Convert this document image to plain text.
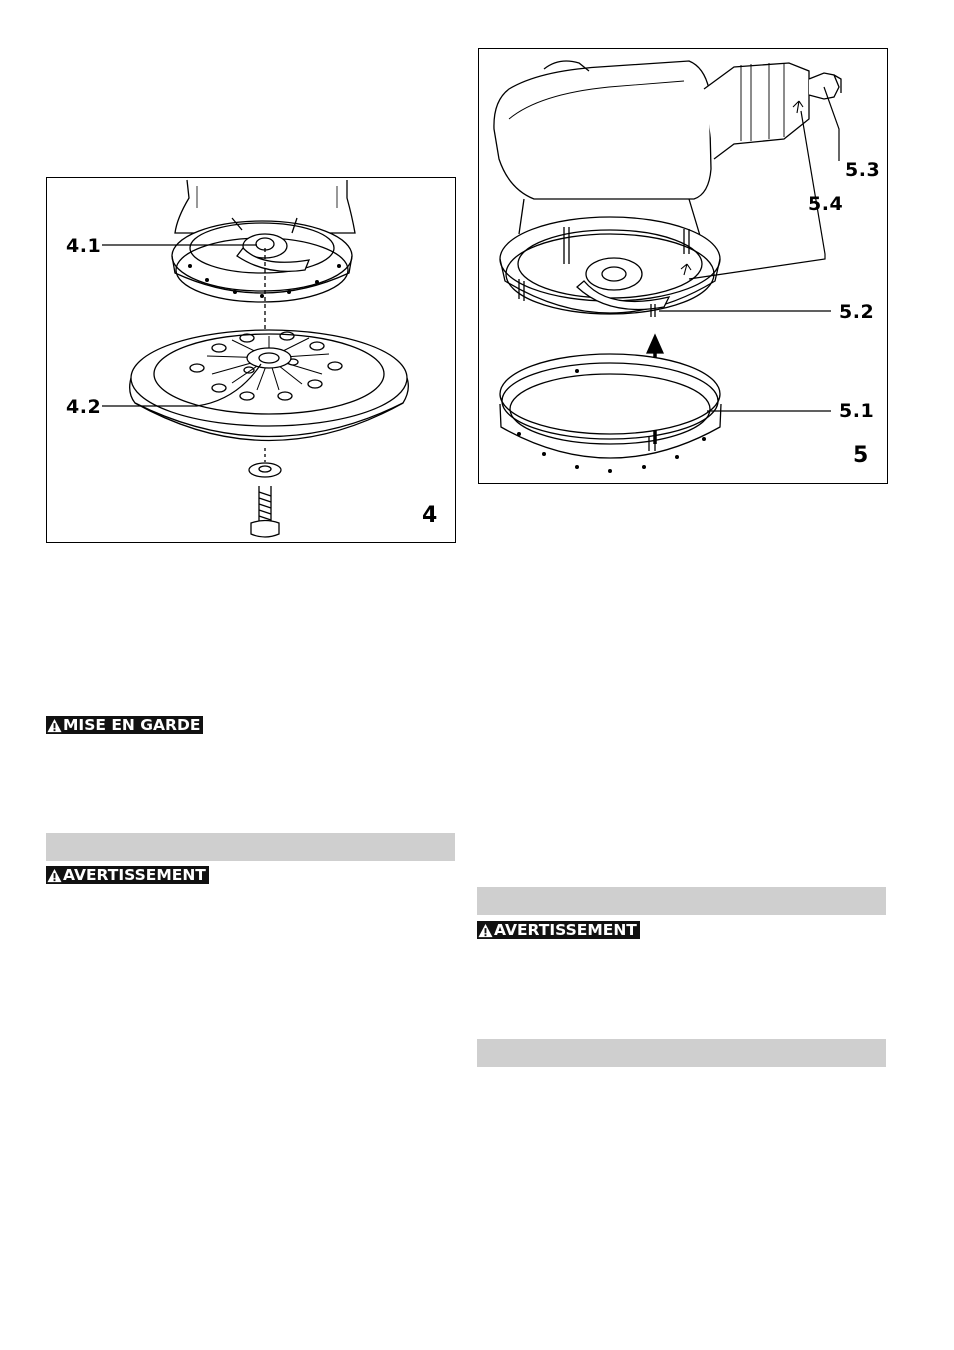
4.1
4.2
4
5.3
5.4
5.2
5.1
5
MISE EN GARDE
AVERTISSEMENT
AVERTISSEMENT
